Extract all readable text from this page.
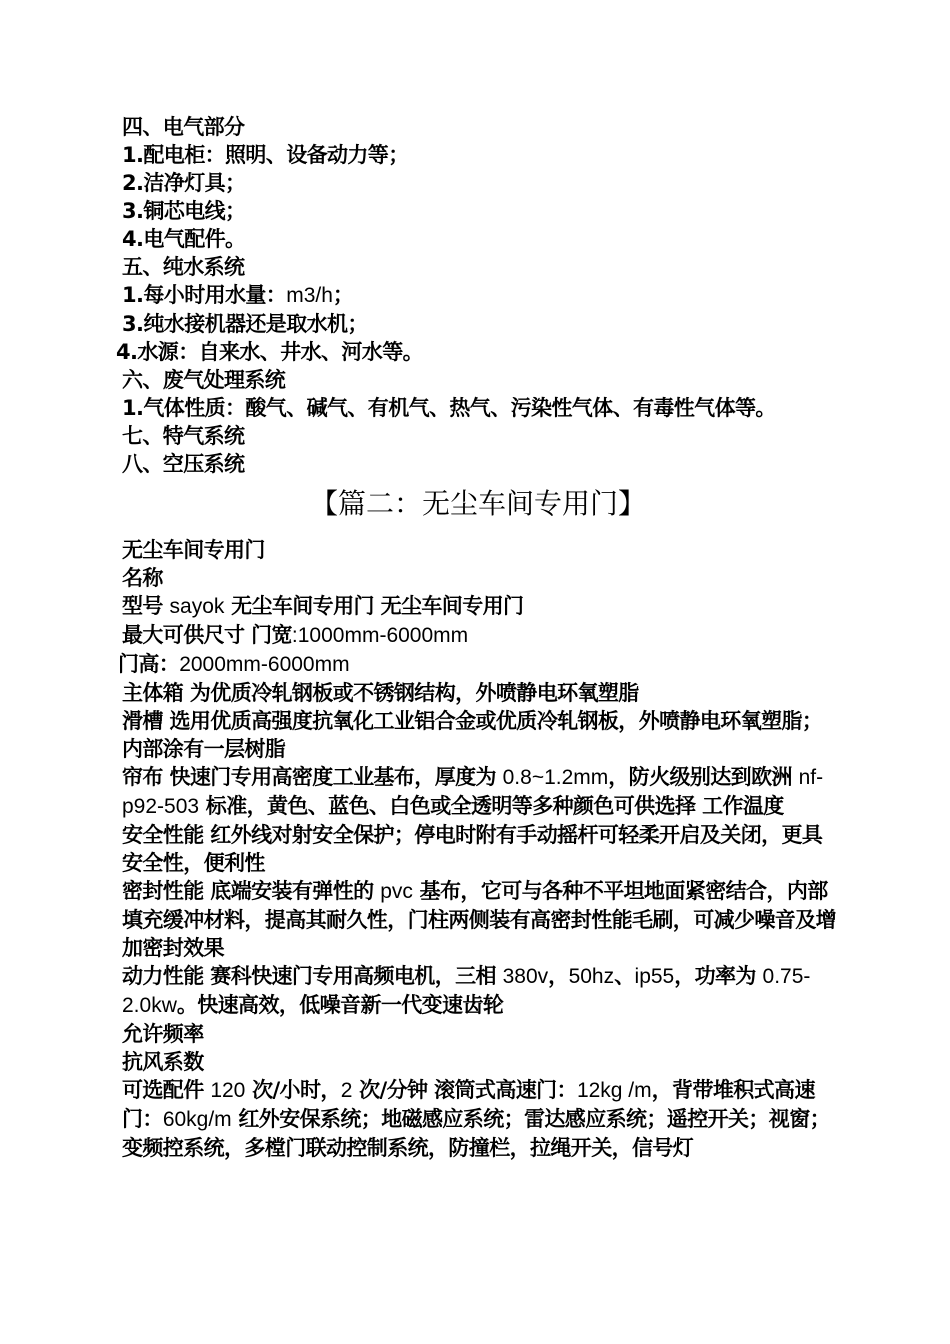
四、电气部分
1.配电柜：照明、设备动力等；
2.洁净灯具；
3.铜芯电线；
4.电气配件。
五、纯水系统
1.每小时用水量：m3/h；
3.纯水接机器还是取水机；
4.水源：自来水、井水、河水等。
六、废气处理系统
1.气体性质：酸气、碱气、有机气、热气、污染性气体、有毒性气体等。
七、特气系统
八、空压系统
【篇二：无尘车间专用门】
无尘车间专用门
名称
型号 sayok 无尘车间专用门 无尘车间专用门
最大可供尺寸 门宽:1000mm-6000mm
门高：2000mm-6000mm
主体箱 为优质冷轧钢板或不锈钢结构，外喷静电环氧塑脂
滑槽 选用优质高强度抗氧化工业铝合金或优质冷轧钢板，外喷静电环氧塑脂；内部涂有一层树脂
帘布 快速门专用高密度工业基布，厚度为 0.8~1.2mm，防火级别达到欧洲 nf-p92-503 标准，黄色、蓝色、白色或全透明等多种颜色可供选择 工作温度
安全性能 红外线对射安全保护；停电时附有手动摇杆可轻柔开启及关闭，更具安全性，便利性
密封性能 底端安装有弹性的 pvc 基布，它可与各种不平坦地面紧密结合，内部填充缓冲材料，提高其耐久性，门柱两侧装有高密封性能毛刷，可减少噪音及增加密封效果
动力性能 赛科快速门专用高频电机，三相 380v，50hz、ip55，功率为 0.75-2.0kw。快速高效，低噪音新一代变速齿轮
允许频率
抗风系数
可选配件 120 次/小时，2 次/分钟 滚筒式高速门：12kg /m，背带堆积式高速门：60kg/m 红外安保系统；地磁感应系统；雷达感应系统；遥控开关；视窗；变频控系统，多樘门联动控制系统，防撞栏，拉绳开关，信号灯
